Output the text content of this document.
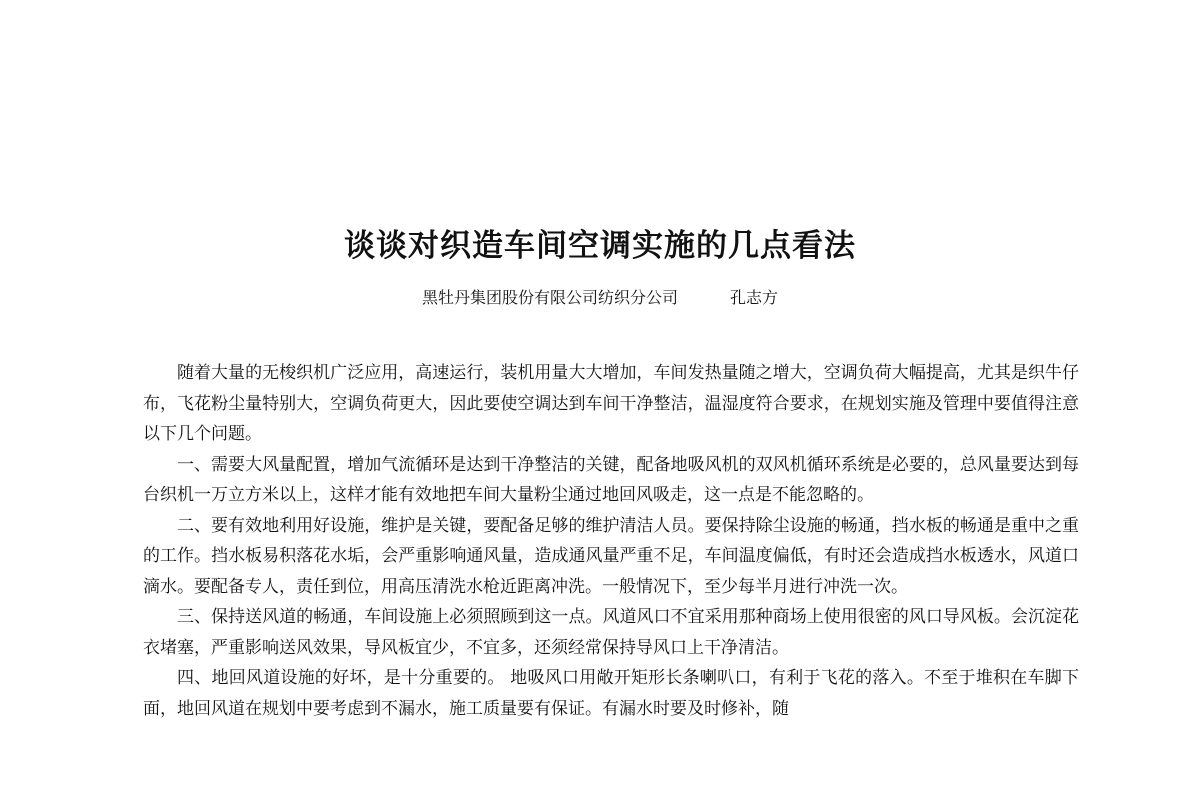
谈谈对织造车间空调实施的几点看法
黑牡丹集团股份有限公司纺织分公司	孔志方

随着大量的无梭织机广泛应用，高速运行，装机用量大大增加，车间发热量随之增大，空调负荷大幅提高，尤其是织牛仔布，飞花粉尘量特别大，空调负荷更大，因此要使空调达到车间干净整洁，温湿度符合要求，在规划实施及管理中要值得注意以下几个问题。

一、需要大风量配置，增加气流循环是达到干净整洁的关键，配备地吸风机的双风机循环系统是必要的，总风量要达到每台织机一万立方米以上，这样才能有效地把车间大量粉尘通过地回风吸走，这一点是不能忽略的。

二、要有效地利用好设施，维护是关键，要配备足够的维护清洁人员。要保持除尘设施的畅通，挡水板的畅通是重中之重的工作。挡水板易积落花水垢，会严重影响通风量，造成通风量严重不足，车间温度偏低，有时还会造成挡水板透水，风道口滴水。要配备专人，责任到位，用高压清洗水枪近距离冲洗。一般情况下，至少每半月进行冲洗一次。

三、保持送风道的畅通，车间设施上必须照顾到这一点。风道风口不宜采用那种商场上使用很密的风口导风板。会沉淀花衣堵塞，严重影响送风效果，导风板宜少，不宜多，还须经常保持导风口上干净清洁。

四、地回风道设施的好坏，是十分重要的。 地吸风口用敞开矩形长条喇叭口，有利于飞花的落入。不至于堆积在车脚下面，地回风道在规划中要考虑到不漏水，施工质量要有保证。有漏水时要及时修补，随
